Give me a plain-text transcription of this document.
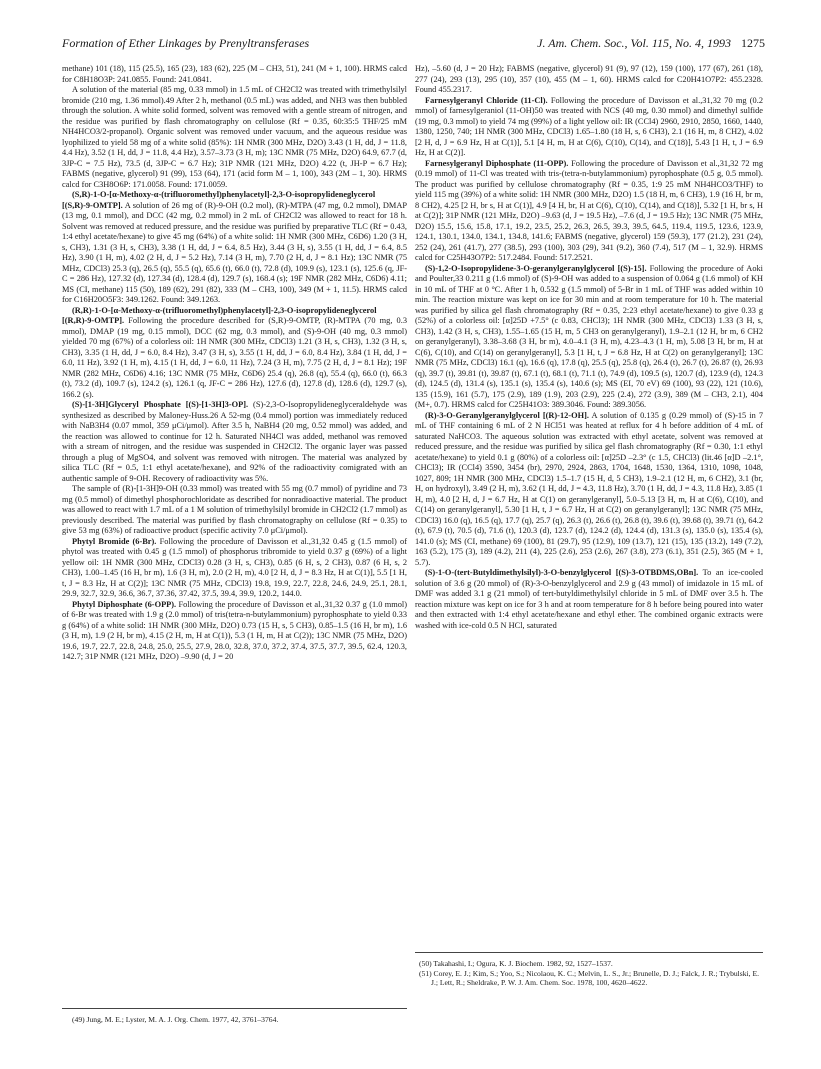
Formation of Ether Linkages by Prenyltransferases	J. Am. Chem. Soc., Vol. 115, No. 4, 1993 1275

methane) 101 (18), 115 (25.5), 165 (23), 183 (62), 225 (M – CH3, 51), 241 (M + 1, 100). HRMS calcd for C8H18O3P: 241.0855. Found: 241.0841.

A solution of the material (85 mg, 0.33 mmol) in 1.5 mL of CH2Cl2 was treated with trimethylsilyl bromide (210 mg, 1.36 mmol).49 After 2 h, methanol (0.5 mL) was added, and NH3 was then bubbled through the solution. A white solid formed, solvent was removed with a gentle stream of nitrogen, and the residue was purified by flash chromatography on cellulose (Rf = 0.35, 60:35:5 THF/25 mM NH4HCO3/2-propanol). Organic solvent was removed under vacuum, and the aqueous residue was lyophilized to yield 58 mg of a white solid (85%): 1H NMR (300 MHz, D2O) 3.43 (1 H, dd, J = 11.8, 4.4 Hz), 3.52 (1 H, dd, J = 11.8, 4.4 Hz), 3.57–3.73 (3 H, m); 13C NMR (75 MHz, D2O) 64.9, 67.7 (d, 3JP-C = 7.5 Hz), 73.5 (d, 3JP-C = 6.7 Hz); 31P NMR (121 MHz, D2O) 4.22 (t, JH-P = 6.7 Hz); FABMS (negative, glycerol) 91 (99), 153 (64), 171 (acid form M – 1, 100), 343 (2M – 1, 30). HRMS calcd for C3H8O6P: 171.0058. Found: 171.0059.

(S,R)-1-O-[α-Methoxy-α-(trifluoromethyl)phenylacetyl]-2,3-O-isopropylideneglycerol [(S,R)-9-OMTP]. A solution of 26 mg of (R)-9-OH (0.2 mol), (R)-MTPA (47 mg, 0.2 mmol), DMAP (13 mg, 0.1 mmol), and DCC (42 mg, 0.2 mmol) in 2 mL of CH2Cl2 was allowed to react for 18 h. Solvent was removed at reduced pressure, and the residue was purified by preparative TLC (Rf = 0.43, 1:4 ethyl acetate/hexane) to give 45 mg (64%) of a white solid: 1H NMR (300 MHz, C6D6) 1.20 (3 H, s, CH3), 1.31 (3 H, s, CH3), 3.38 (1 H, dd, J = 6.4, 8.5 Hz), 3.44 (3 H, s), 3.55 (1 H, dd, J = 6.4, 8.5 Hz), 3.90 (1 H, m), 4.02 (2 H, d, J = 5.2 Hz), 7.14 (3 H, m), 7.70 (2 H, d, J = 8.1 Hz); 13C NMR (75 MHz, CDCl3) 25.3 (q), 26.5 (q), 55.5 (q), 65.6 (t), 66.0 (t), 72.8 (d), 109.9 (s), 123.1 (s), 125.6 (q, JF-C = 286 Hz), 127.32 (d), 127.34 (d), 128.4 (d), 129.7 (s), 168.4 (s); 19F NMR (282 MHz, C6D6) 4.11; MS (CI, methane) 115 (50), 189 (62), 291 (82), 333 (M – CH3, 100), 349 (M + 1, 11.5). HRMS calcd for C16H20O5F3: 349.1262. Found: 349.1263.

(R,R)-1-O-[α-Methoxy-α-(trifluoromethyl)phenylacetyl]-2,3-O-isopropylideneglycerol [(R,R)-9-OMTP]. Following the procedure described for (S,R)-9-OMTP, (R)-MTPA (70 mg, 0.3 mmol), DMAP (19 mg, 0.15 mmol), DCC (62 mg, 0.3 mmol), and (S)-9-OH (40 mg, 0.3 mmol) yielded 70 mg (67%) of a colorless oil: 1H NMR (300 MHz, CDCl3) 1.21 (3 H, s, CH3), 1.32 (3 H, s, CH3), 3.35 (1 H, dd, J = 6.0, 8.4 Hz), 3.47 (3 H, s), 3.55 (1 H, dd, J = 6.0, 8.4 Hz), 3.84 (1 H, dd, J = 6.0, 11 Hz), 3.92 (1 H, m), 4.15 (1 H, dd, J = 6.0, 11 Hz), 7.24 (3 H, m), 7.75 (2 H, d, J = 8.1 Hz); 19F NMR (282 MHz, C6D6) 4.16; 13C NMR (75 MHz, C6D6) 25.4 (q), 26.8 (q), 55.4 (q), 66.0 (t), 66.3 (t), 73.2 (d), 109.7 (s), 124.2 (s), 126.1 (q, JF-C = 286 Hz), 127.6 (d), 127.8 (d), 128.6 (d), 129.7 (s), 166.2 (s).

(S)-[1-3H]Glyceryl Phosphate [(S)-[1-3H]3-OP]. (S)-2,3-O-Isopropylideneglyceraldehyde was synthesized as described by Maloney-Huss.26 A 52-mg (0.4 mmol) portion was immediately reduced with NaB3H4 (0.07 mmol, 359 μCi/μmol). After 3.5 h, NaBH4 (20 mg, 0.52 mmol) was added, and the reaction was allowed to continue for 12 h. Saturated NH4Cl was added, methanol was removed with a stream of nitrogen, and the residue was suspended in CH2Cl2. The organic layer was passed through a plug of MgSO4, and solvent was removed with nitrogen. The material was analyzed by silica TLC (Rf = 0.5, 1:1 ethyl acetate/hexane), and 92% of the radioactivity comigrated with an authentic sample of 9-OH. Recovery of radioactivity was 5%.

The sample of (R)-[1-3H]9-OH (0.33 mmol) was treated with 55 mg (0.7 mmol) of pyridine and 73 mg (0.5 mmol) of dimethyl phosphorochloridate as described for nonradioactive material. The product was allowed to react with 1.7 mL of a 1 M solution of trimethylsilyl bromide in CH2Cl2 (1.7 mmol) as previously described. The material was purified by flash chromatography on cellulose (Rf = 0.35) to give 53 mg (63%) of radioactive product (specific activity 7.0 μCi/μmol).

Phytyl Bromide (6-Br). Following the procedure of Davisson et al.,31,32 0.45 g (1.5 mmol) of phytol was treated with 0.45 g (1.5 mmol) of phosphorus tribromide to yield 0.37 g (69%) of a light yellow oil: 1H NMR (300 MHz, CDCl3) 0.28 (3 H, s, CH3), 0.85 (6 H, s, 2 CH3), 0.87 (6 H, s, 2 CH3), 1.00–1.45 (16 H, br m), 1.6 (3 H, m), 2.0 (2 H, m), 4.0 [2 H, d, J = 8.3 Hz, H at C(1)], 5.5 [1 H, t, J = 8.3 Hz, H at C(2)]; 13C NMR (75 MHz, CDCl3) 19.8, 19.9, 22.7, 22.8, 24.6, 24.9, 25.1, 28.1, 29.9, 32.7, 32.9, 36.6, 36.7, 37.36, 37.42, 37.5, 39.4, 39.9, 120.2, 144.0.

Phytyl Diphosphate (6-OPP). Following the procedure of Davisson et al.,31,32 0.37 g (1.0 mmol) of 6-Br was treated with 1.9 g (2.0 mmol) of tris(tetra-n-butylammonium) pyrophosphate to yield 0.33 g (64%) of a white solid: 1H NMR (300 MHz, D2O) 0.73 (15 H, s, 5 CH3), 0.85–1.5 (16 H, br m), 1.6 (3 H, m), 1.9 (2 H, br m), 4.15 (2 H, m, H at C(1)), 5.3 (1 H, m, H at C(2)); 13C NMR (75 MHz, D2O) 19.6, 19.7, 22.7, 22.8, 24.8, 25.0, 25.5, 27.9, 28.0, 32.8, 37.0, 37.2, 37.4, 37.5, 37.7, 39.5, 62.4, 120.3, 142.7; 31P NMR (121 MHz, D2O) –9.90 (d, J = 20

Hz), –5.60 (d, J = 20 Hz); FABMS (negative, glycerol) 91 (9), 97 (12), 159 (100), 177 (67), 261 (18), 277 (24), 293 (13), 295 (10), 357 (10), 455 (M – 1, 60). HRMS calcd for C20H41O7P2: 455.2328. Found 455.2317.

Farnesylgeranyl Chloride (11-Cl). Following the procedure of Davisson et al.,31,32 70 mg (0.2 mmol) of farnesylgeraniol (11-OH)50 was treated with NCS (40 mg, 0.30 mmol) and dimethyl sulfide (19 mg, 0.3 mmol) to yield 74 mg (99%) of a light yellow oil: IR (CCl4) 2960, 2910, 2850, 1660, 1440, 1380, 1250, 740; 1H NMR (300 MHz, CDCl3) 1.65–1.80 (18 H, s, 6 CH3), 2.1 (16 H, m, 8 CH2), 4.02 [2 H, d, J = 6.9 Hz, H at C(1)], 5.1 [4 H, m, H at C(6), C(10), C(14), and C(18)], 5.43 [1 H, t, J = 6.9 Hz, H at C(2)].

Farnesylgeranyl Diphosphate (11-OPP). Following the procedure of Davisson et al.,31,32 72 mg (0.19 mmol) of 11-Cl was treated with tris-(tetra-n-butylammonium) pyrophosphate (0.5 g, 0.5 mmol). The product was purified by cellulose chromatography (Rf = 0.35, 1:9 25 mM NH4HCO3/THF) to yield 115 mg (39%) of a white solid: 1H NMR (300 MHz, D2O) 1.5 (18 H, m, 6 CH3), 1.9 (16 H, br m, 8 CH2), 4.25 [2 H, br s, H at C(1)], 4.9 [4 H, br, H at C(6), C(10), C(14), and C(18)], 5.32 [1 H, br s, H at C(2)]; 31P NMR (121 MHz, D2O) –9.63 (d, J = 19.5 Hz), –7.6 (d, J = 19.5 Hz); 13C NMR (75 MHz, D2O) 15.5, 15.6, 15.8, 17.1, 19.2, 23.5, 25.2, 26.3, 26.5, 39.3, 39.5, 64.5, 119.4, 119.5, 123.6, 123.9, 124.1, 130.1, 134.0, 134.1, 134.8, 141.6; FABMS (negative, glycerol) 159 (59.3), 177 (21.2), 231 (24), 252 (24), 261 (41.7), 277 (38.5), 293 (100), 303 (29), 341 (9.2), 360 (7.4), 517 (M – 1, 32.9). HRMS calcd for C25H43O7P2: 517.2484. Found: 517.2521.

(S)-1,2-O-Isopropylidene-3-O-geranylgeranylglycerol [(S)-15]. Following the procedure of Aoki and Poulter,33 0.211 g (1.6 mmol) of (S)-9-OH was added to a suspension of 0.064 g (1.6 mmol) of KH in 10 mL of THF at 0 °C. After 1 h, 0.532 g (1.5 mmol) of 5-Br in 1 mL of THF was added within 10 min. The reaction mixture was kept on ice for 30 min and at room temperature for 10 h. The material was purified by silica gel flash chromatography (Rf = 0.35, 2:23 ethyl acetate/hexane) to give 0.33 g (52%) of a colorless oil: [α]25D +7.5° (c 0.83, CHCl3); 1H NMR (300 MHz, CDCl3) 1.33 (3 H, s, CH3), 1.42 (3 H, s, CH3), 1.55–1.65 (15 H, m, 5 CH3 on geranylgeranyl), 1.9–2.1 (12 H, br m, 6 CH2 on geranylgeranyl), 3.38–3.68 (3 H, br m), 4.0–4.1 (3 H, m), 4.23–4.3 (1 H, m), 5.08 [3 H, br m, H at C(6), C(10), and C(14) on geranylgeranyl], 5.3 [1 H, t, J = 6.8 Hz, H at C(2) on geranylgeranyl]; 13C NMR (75 MHz, CDCl3) 16.1 (q), 16.6 (q), 17.8 (q), 25.5 (q), 25.8 (q), 26.4 (t), 26.7 (t), 26.87 (t), 26.93 (q), 39.7 (t), 39.81 (t), 39.87 (t), 67.1 (t), 68.1 (t), 71.1 (t), 74.9 (d), 109.5 (s), 120.7 (d), 123.9 (d), 124.3 (d), 124.5 (d), 131.4 (s), 135.1 (s), 135.4 (s), 140.6 (s); MS (EI, 70 eV) 69 (100), 93 (22), 121 (10.6), 135 (15.9), 161 (5.7), 175 (2.9), 189 (1.9), 203 (2.9), 225 (2.4), 272 (3.9), 389 (M – CH3, 2.1), 404 (M+, 0.7). HRMS calcd for C25H41O3: 389.3046. Found: 389.3056.

(R)-3-O-Geranylgeranylglycerol [(R)-12-OH]. A solution of 0.135 g (0.29 mmol) of (S)-15 in 7 mL of THF containing 6 mL of 2 N HCl51 was heated at reflux for 4 h before addition of 4 mL of saturated NaHCO3. The aqueous solution was extracted with ethyl acetate, solvent was removed at reduced pressure, and the residue was purified by silica gel flash chromatography (Rf = 0.30, 1:1 ethyl acetate/hexane) to yield 0.1 g (80%) of a colorless oil: [α]25D –2.3° (c 1.5, CHCl3) (lit.46 [α]D –2.1°, CHCl3); IR (CCl4) 3590, 3454 (br), 2970, 2924, 2863, 1704, 1648, 1530, 1364, 1310, 1098, 1048, 1027, 809; 1H NMR (300 MHz, CDCl3) 1.5–1.7 (15 H, d, 5 CH3), 1.9–2.1 (12 H, m, 6 CH2), 3.1 (br, H, on hydroxyl), 3.49 (2 H, m), 3.62 (1 H, dd, J = 4.3, 11.8 Hz), 3.70 (1 H, dd, J = 4.3, 11.8 Hz), 3.85 (1 H, m), 4.0 [2 H, d, J = 6.7 Hz, H at C(1) on geranylgeranyl], 5.0–5.13 [3 H, m, H at C(6), C(10), and C(14) on geranylgeranyl], 5.30 [1 H, t, J = 6.7 Hz, H at C(2) on geranylgeranyl]; 13C NMR (75 MHz, CDCl3) 16.0 (q), 16.5 (q), 17.7 (q), 25.7 (q), 26.3 (t), 26.6 (t), 26.8 (t), 39.6 (t), 39.68 (t), 39.71 (t), 64.2 (t), 67.9 (t), 70.5 (d), 71.6 (t), 120.3 (d), 123.7 (d), 124.2 (d), 124.4 (d), 131.3 (s), 135.0 (s), 135.4 (s), 141.0 (s); MS (CI, methane) 69 (100), 81 (29.7), 95 (12.9), 109 (13.7), 121 (15), 135 (13.2), 149 (7.2), 163 (5.2), 175 (3), 189 (4.2), 211 (4), 225 (2.6), 253 (2.6), 267 (3.8), 273 (6.1), 351 (2.5), 365 (M + 1, 5.7).

(S)-1-O-(tert-Butyldimethylsilyl)-3-O-benzylglycerol [(S)-3-OTBDMS,OBn]. To an ice-cooled solution of 3.6 g (20 mmol) of (R)-3-O-benzylglycerol and 2.9 g (43 mmol) of imidazole in 15 mL of DMF was added 3.1 g (21 mmol) of tert-butyldimethylsilyl chloride in 5 mL of DMF over 3.5 h. The reaction mixture was kept on ice for 3 h and at room temperature for 8 h before being poured into water and then extracted with 1:4 ethyl acetate/hexane and ethyl ether. The combined organic extracts were washed with ice-cold 0.5 N HCl, saturated

(49) Jung, M. E.; Lyster, M. A. J. Org. Chem. 1977, 42, 3761–3764.

(50) Takahashi, I.; Ogura, K. J. Biochem. 1982, 92, 1527–1537.

(51) Corey, E. J.; Kim, S.; Yoo, S.; Nicolaou, K. C.; Melvin, L. S., Jr.; Brunelle, D. J.; Falck, J. R.; Trybulski, E. J.; Lett, R.; Sheldrake, P. W. J. Am. Chem. Soc. 1978, 100, 4620–4622.
